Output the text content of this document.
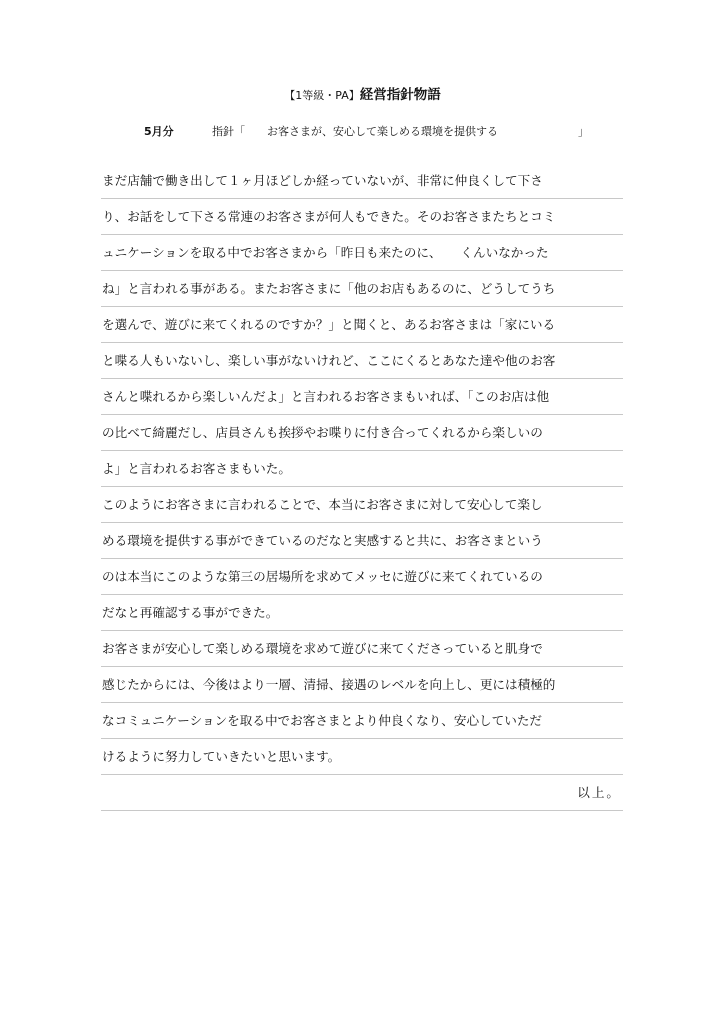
【1等級・PA】経営指針物語
5月分	指針「 お客さまが、安心して楽しめる環境を提供する	」
まだ店舗で働き出して１ヶ月ほどしか経っていないが、非常に仲良くして下さ
り、お話をして下さる常連のお客さまが何人もできた。そのお客さまたちとコミ
ュニケーションを取る中でお客さまから「昨日も来たのに、　　くんいなかった
ね」と言われる事がある。またお客さまに「他のお店もあるのに、どうしてうち
を選んで、遊びに来てくれるのですか？」と聞くと、あるお客さまは「家にいる
と喋る人もいないし、楽しい事がないけれど、ここにくるとあなた達や他のお客
さんと喋れるから楽しいんだよ」と言われるお客さまもいれば、「このお店は他
の比べて綺麗だし、店員さんも挨拶やお喋りに付き合ってくれるから楽しいの
よ」と言われるお客さまもいた。
このようにお客さまに言われることで、本当にお客さまに対して安心して楽し
める環境を提供する事ができているのだなと実感すると共に、お客さまという
のは本当にこのような第三の居場所を求めてメッセに遊びに来てくれているの
だなと再確認する事ができた。
お客さまが安心して楽しめる環境を求めて遊びに来てくださっていると肌身で
感じたからには、今後はより一層、清掃、接遇のレベルを向上し、更には積極的
なコミュニケーションを取る中でお客さまとより仲良くなり、安心していただ
けるように努力していきたいと思います。
以上。
